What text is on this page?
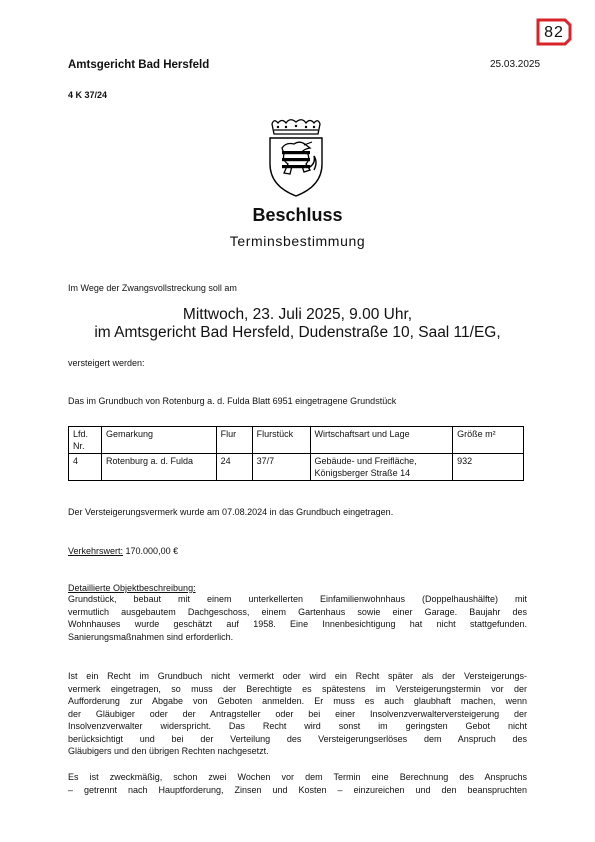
82
Amtsgericht Bad Hersfeld	25.03.2025
4 K 37/24
Beschluss
Terminsbestimmung
Im Wege der Zwangsvollstreckung soll am
Mittwoch, 23. Juli 2025, 9.00 Uhr,
im Amtsgericht Bad Hersfeld, Dudenstraße 10, Saal 11/EG,
versteigert werden:
Das im Grundbuch von Rotenburg a. d. Fulda Blatt 6951 eingetragene Grundstück
Lfd. Nr.	Gemarkung	Flur	Flurstück	Wirtschaftsart und Lage	Größe m²
4	Rotenburg a. d. Fulda	24	37/7	Gebäude- und Freifläche, Königsberger Straße 14	932
Der Versteigerungsvermerk wurde am 07.08.2024 in das Grundbuch eingetragen.
Verkehrswert: 170.000,00 €
Detaillierte Objektbeschreibung:
Grundstück, bebaut mit einem unterkellerten Einfamilienwohnhaus (Doppelhaushälfte) mit
vermutlich ausgebautem Dachgeschoss, einem Gartenhaus sowie einer Garage. Baujahr des
Wohnhauses wurde geschätzt auf 1958. Eine Innenbesichtigung hat nicht stattgefunden.
Sanierungsmaßnahmen sind erforderlich.
Ist ein Recht im Grundbuch nicht vermerkt oder wird ein Recht später als der Versteigerungs-
vermerk eingetragen, so muss der Berechtigte es spätestens im Versteigerungstermin vor der
Aufforderung zur Abgabe von Geboten anmelden. Er muss es auch glaubhaft machen, wenn
der Gläubiger oder der Antragsteller oder bei einer Insolvenzverwalterversteigerung der
Insolvenzverwalter widerspricht. Das Recht wird sonst im geringsten Gebot nicht
berücksichtigt und bei der Verteilung des Versteigerungserlöses dem Anspruch des
Gläubigers und den übrigen Rechten nachgesetzt.
Es ist zweckmäßig, schon zwei Wochen vor dem Termin eine Berechnung des Anspruchs
– getrennt nach Hauptforderung, Zinsen und Kosten – einzureichen und den beanspruchten
